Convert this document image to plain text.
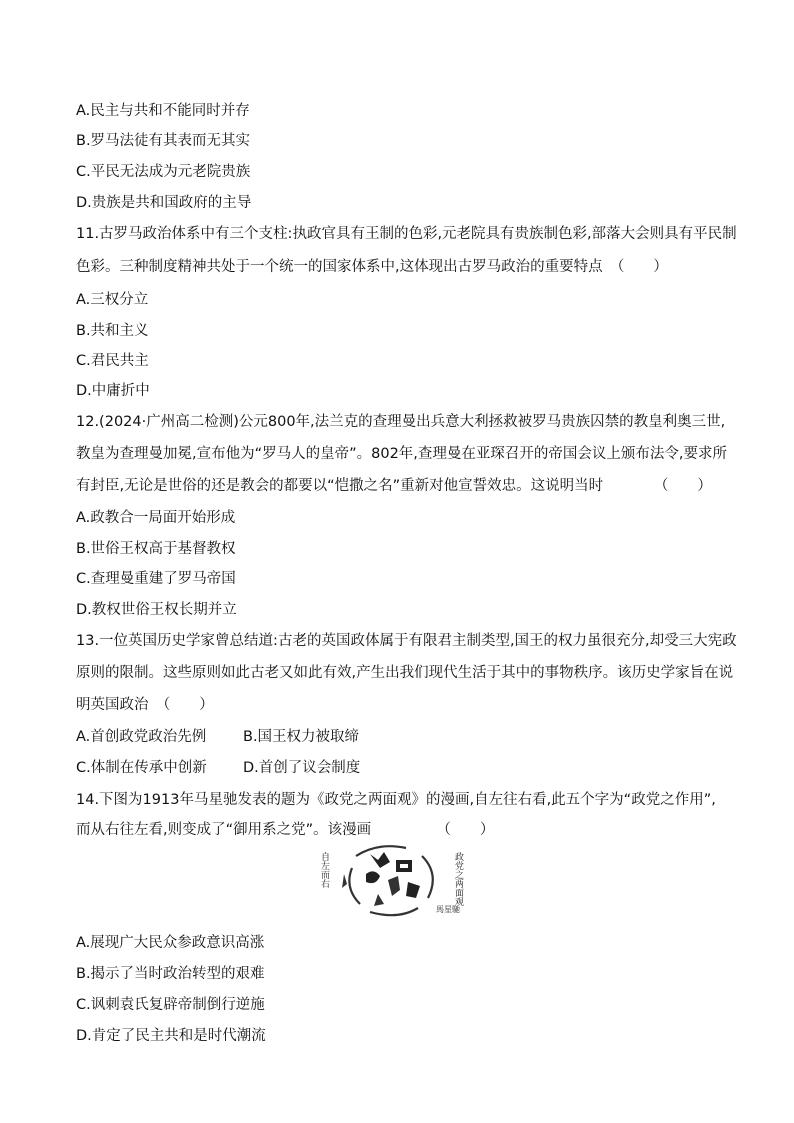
A.民主与共和不能同时并存
B.罗马法徒有其表而无其实
C.平民无法成为元老院贵族
D.贵族是共和国政府的主导
11.古罗马政治体系中有三个支柱:执政官具有王制的色彩,元老院具有贵族制色彩,部落大会则具有平民制
色彩。三种制度精神共处于一个统一的国家体系中,这体现出古罗马政治的重要特点　（　　）
A.三权分立
B.共和主义
C.君民共主
D.中庸折中
12.(2024·广州高二检测)公元800年,法兰克的查理曼出兵意大利拯救被罗马贵族囚禁的教皇利奥三世,
教皇为查理曼加冕,宣布他为“罗马人的皇帝”。802年,查理曼在亚琛召开的帝国会议上颁布法令,要求所
有封臣,无论是世俗的还是教会的都要以“恺撒之名”重新对他宣誓效忠。这说明当时　　　　（　　）
A.政教合一局面开始形成
B.世俗王权高于基督教权
C.查理曼重建了罗马帝国
D.教权世俗王权长期并立
13.一位英国历史学家曾总结道:古老的英国政体属于有限君主制类型,国王的权力虽很充分,却受三大宪政
原则的限制。这些原则如此古老又如此有效,产生出我们现代生活于其中的事物秩序。该历史学家旨在说
明英国政治　（　　）
A.首创政党政治先例	B.国王权力被取缔
C.体制在传承中创新	D.首创了议会制度
14.下图为1913年马星驰发表的题为《政党之两面观》的漫画,自左往右看,此五个字为“政党之作用”,
而从右往左看,则变成了“御用系之党”。该漫画　　　　　（　　）
自左而右	政党之两面观
馬星馳
A.展现广大民众参政意识高涨
B.揭示了当时政治转型的艰难
C.讽刺袁氏复辟帝制倒行逆施
D.肯定了民主共和是时代潮流
